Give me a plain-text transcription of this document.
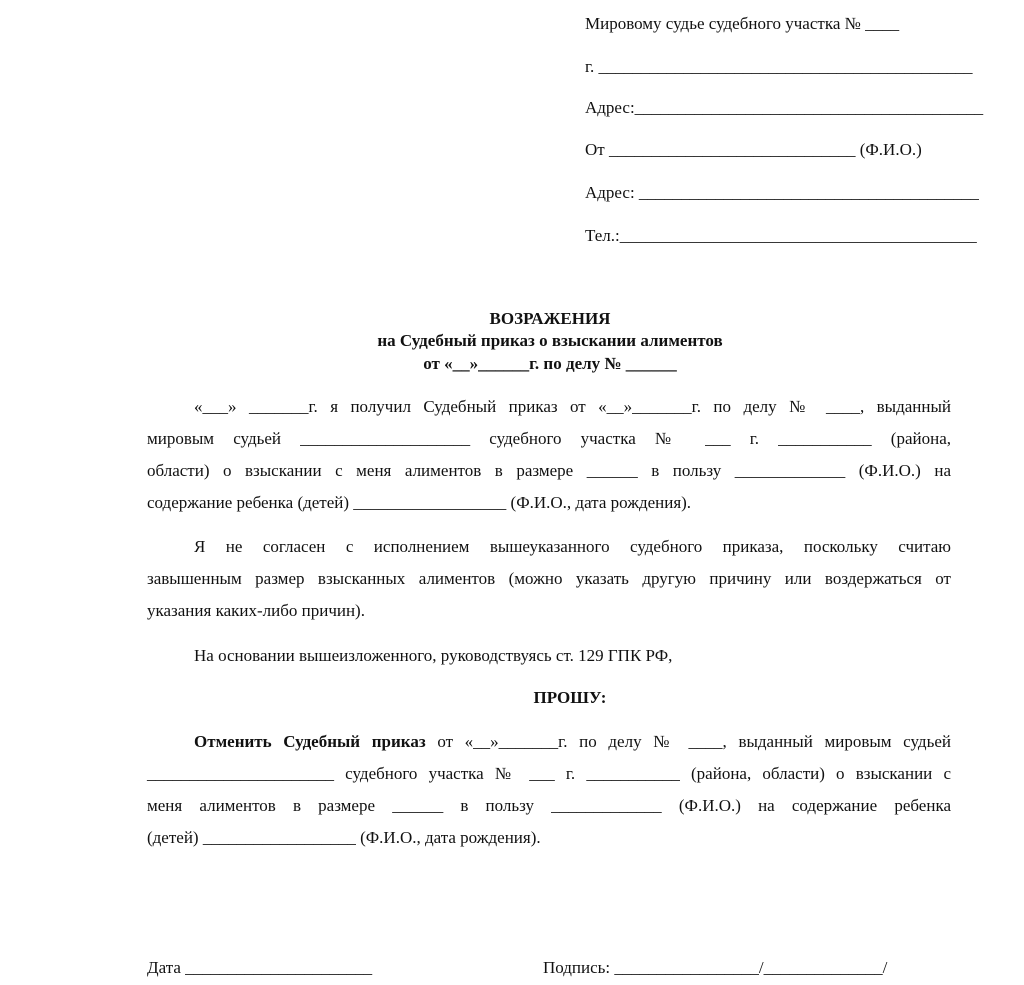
Мировому судье судебного участка № ____
г. ____________________________________________
Адрес:_________________________________________
От _____________________________ (Ф.И.О.)
Адрес: ________________________________________
Тел.:__________________________________________
ВОЗРАЖЕНИЯ
на Судебный приказ о взыскании алиментов
от «__»______г. по делу № ______
«___» _______г. я получил Судебный приказ от «__»_______г. по делу № ____, выданный
мировым судьей ____________________ судебного участка № ___ г. ___________ (района,
области) о взыскании с меня алиментов в размере ______ в пользу _____________ (Ф.И.О.) на
содержание ребенка (детей) __________________ (Ф.И.О., дата рождения).
Я не согласен с исполнением вышеуказанного судебного приказа, поскольку считаю
завышенным размер взысканных алиментов (можно указать другую причину или воздержаться от
указания каких-либо причин).
На основании вышеизложенного, руководствуясь ст. 129 ГПК РФ,
ПРОШУ:
Отменить Судебный приказ от «__»_______г. по делу № ____, выданный мировым судьей
______________________ судебного участка № ___ г. ___________ (района, области) о взыскании с
меня алиментов в размере ______ в пользу _____________ (Ф.И.О.) на содержание ребенка
(детей) __________________ (Ф.И.О., дата рождения).
Дата ______________________	Подпись: _________________/______________/
